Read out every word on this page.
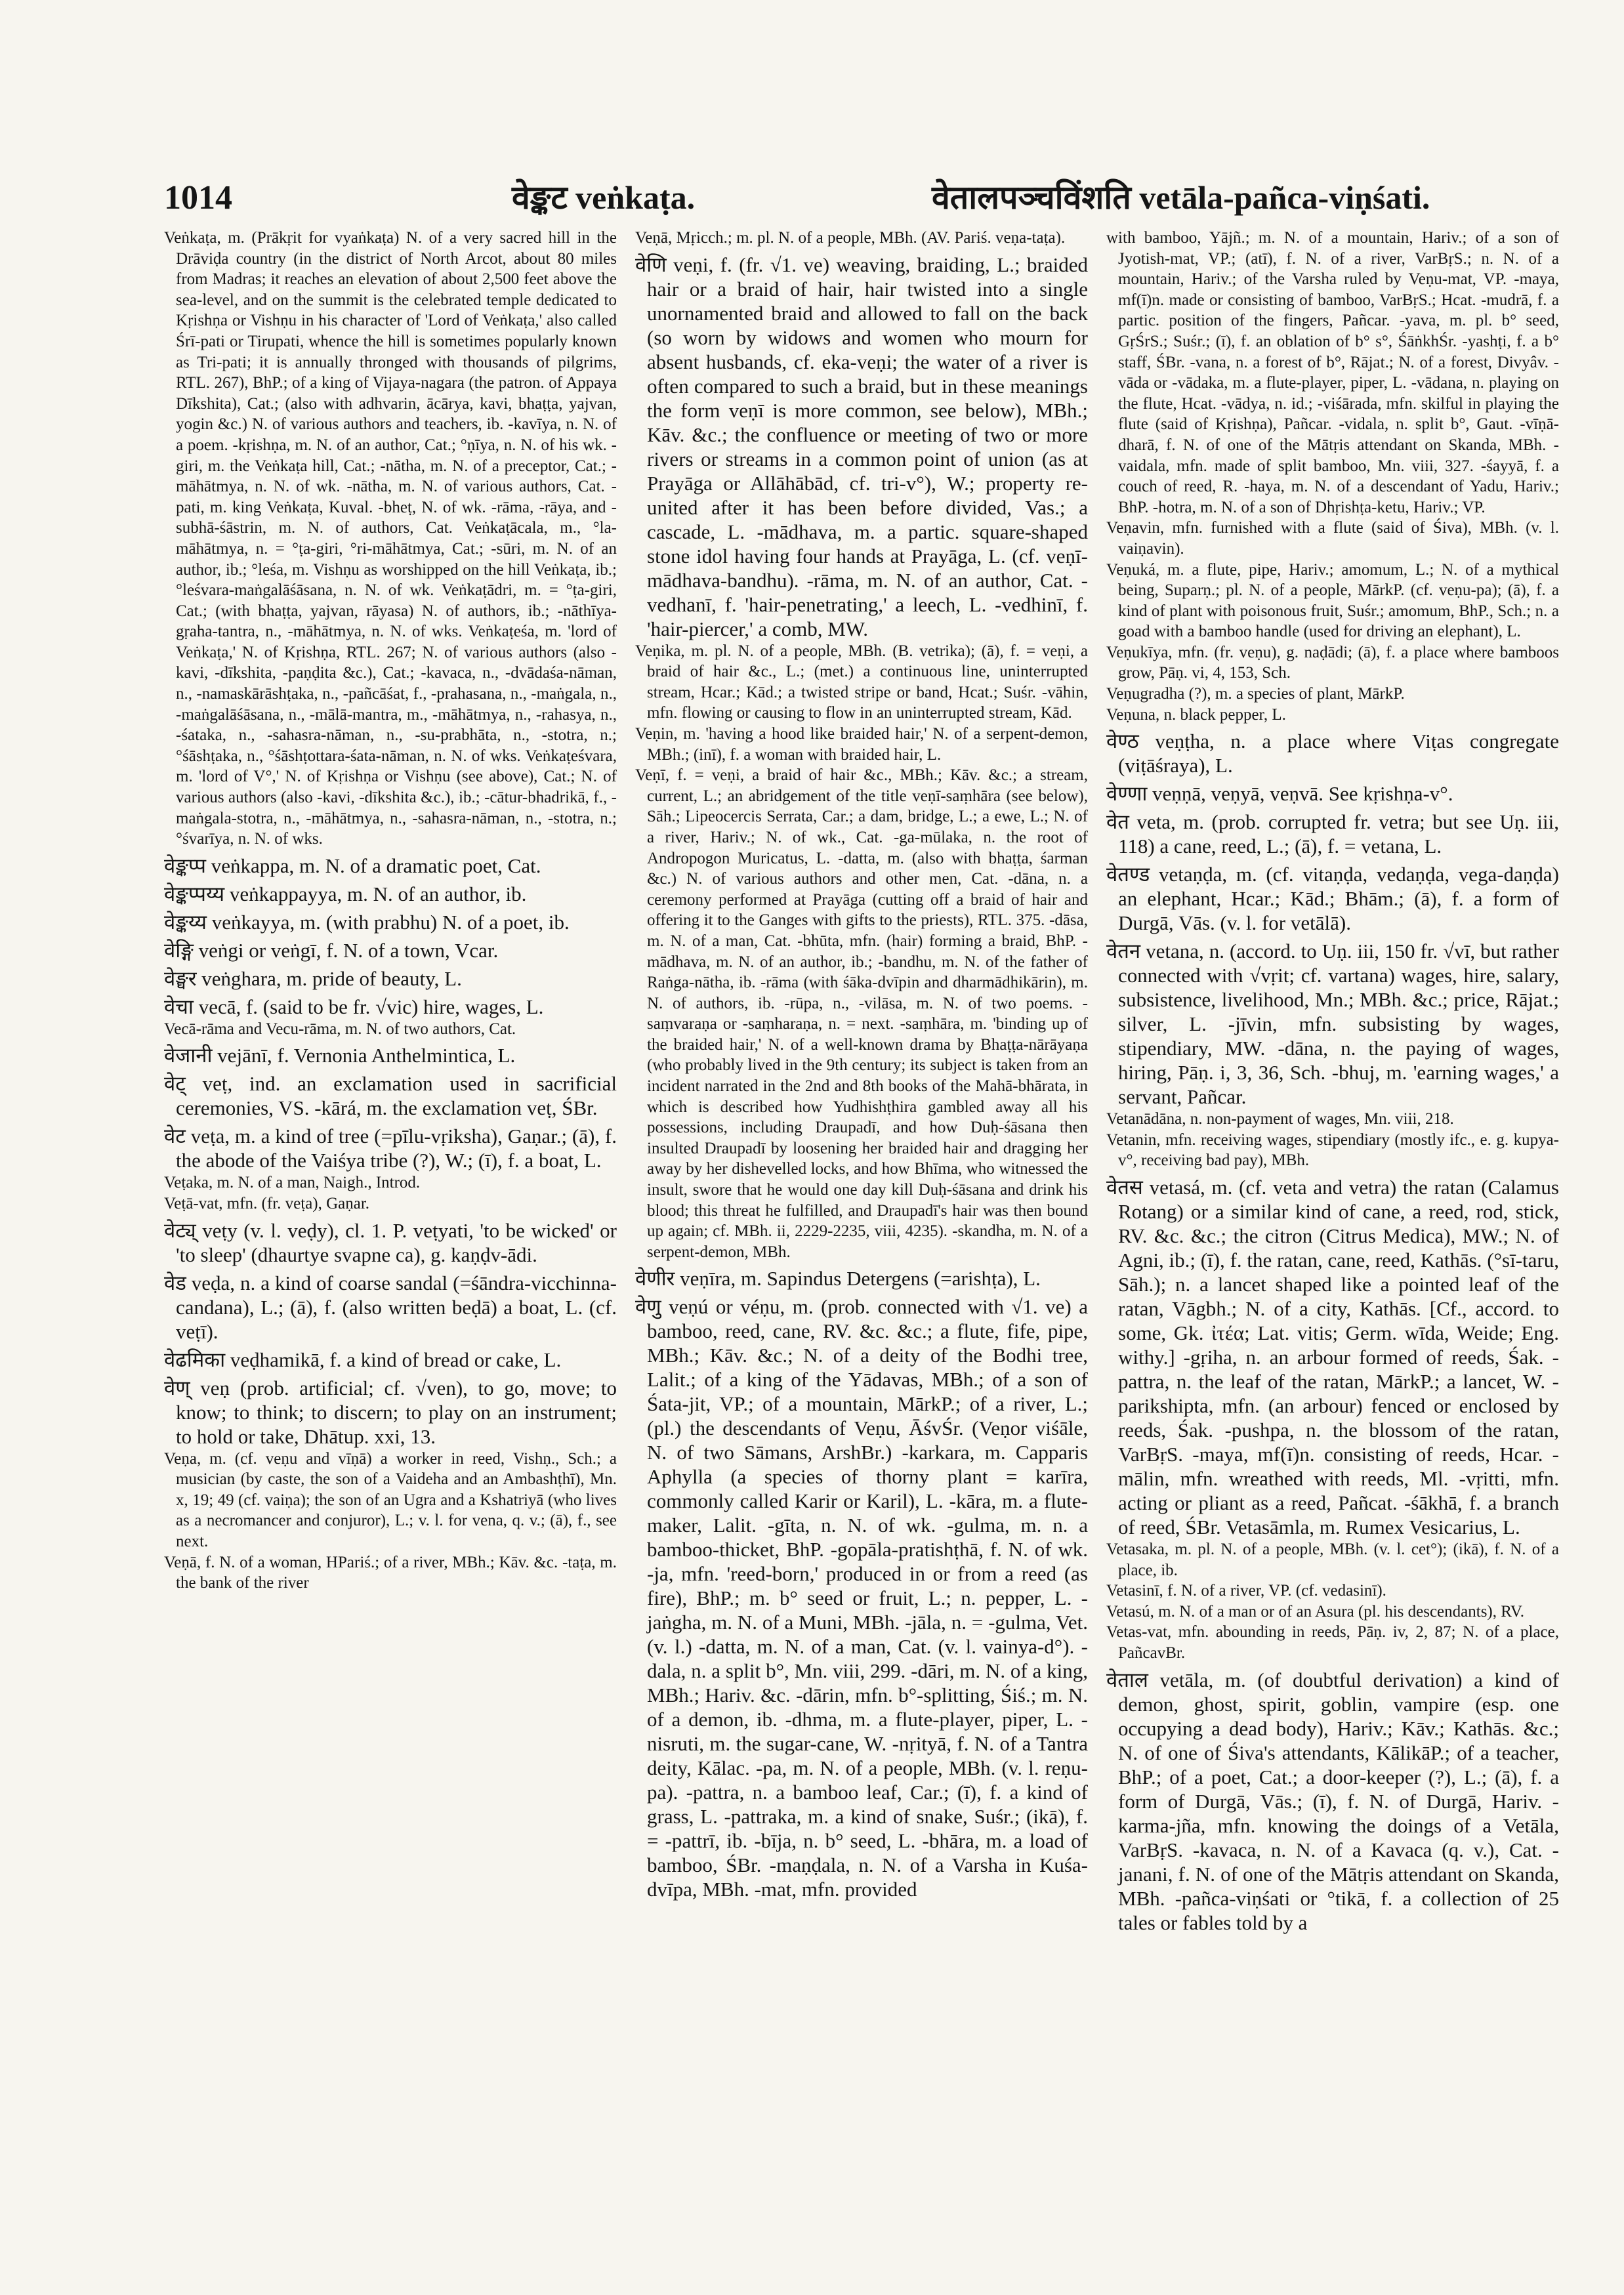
1014	वेङ्कट veṅkaṭa.	वेतालपञ्चविंशति vetāla-pañca-viṇśati.

Veṅkaṭa, m. (Prākṛit for vyaṅkaṭa) N. of a very sacred hill in the Drāviḍa country (in the district of North Arcot, about 80 miles from Madras; it reaches an elevation of about 2,500 feet above the sea-level, and on the summit is the celebrated temple dedicated to Kṛishṇa or Vishṇu in his character of 'Lord of Veṅkaṭa,' also called Śrī-pati or Tirupati, whence the hill is sometimes popularly known as Tri-pati; it is annually thronged with thousands of pilgrims, RTL. 267), BhP.; of a king of Vijaya-nagara (the patron. of Appaya Dīkshita), Cat.; (also with adhvarin, ācārya, kavi, bhaṭṭa, yajvan, yogin &c.) N. of various authors and teachers, ib. -kavīya, n. N. of a poem. -kṛishṇa, m. N. of an author, Cat.; °ṇīya, n. N. of his wk. -giri, m. the Veṅkaṭa hill, Cat.; -nātha, m. N. of a preceptor, Cat.; -māhātmya, n. N. of wk. -nātha, m. N. of various authors, Cat. -pati, m. king Veṅkaṭa, Kuval. -bheṭ, N. of wk. -rāma, -rāya, and -subhā-śāstrin, m. N. of authors, Cat. Veṅkaṭācala, m., °la-māhātmya, n. = °ṭa-giri, °ri-māhātmya, Cat.; -sūri, m. N. of an author, ib.; °leśa, m. Vishṇu as worshipped on the hill Veṅkaṭa, ib.; °leśvara-maṅgalāśāsana, n. N. of wk. Veṅkaṭādri, m. = °ṭa-giri, Cat.; (with bhaṭṭa, yajvan, rāyasa) N. of authors, ib.; -nāthīya-gṛaha-tantra, n., -māhātmya, n. N. of wks. Veṅkaṭeśa, m. 'lord of Veṅkaṭa,' N. of Kṛishṇa, RTL. 267; N. of various authors (also -kavi, -dīkshita, -paṇḍita &c.), Cat.; -kavaca, n., -dvādaśa-nāman, n., -namaskārāshṭaka, n., -pañcāśat, f., -prahasana, n., -maṅgala, n., -maṅgalāśāsana, n., -mālā-mantra, m., -māhātmya, n., -rahasya, n., -śataka, n., -sahasra-nāman, n., -su-prabhāta, n., -stotra, n.; °śāshṭaka, n., °śāshṭottara-śata-nāman, n. N. of wks. Veṅkaṭeśvara, m. 'lord of V°,' N. of Kṛishṇa or Vishṇu (see above), Cat.; N. of various authors (also -kavi, -dīkshita &c.), ib.; -cātur-bhadrikā, f., -maṅgala-stotra, n., -māhātmya, n., -sahasra-nāman, n., -stotra, n.; °śvarīya, n. N. of wks.

वेङ्कप्प veṅkappa, m. N. of a dramatic poet, Cat.

वेङ्कप्पय्य veṅkappayya, m. N. of an author, ib.

वेङ्कय्य veṅkayya, m. (with prabhu) N. of a poet, ib.

वेङ्गि veṅgi or veṅgī, f. N. of a town, Vcar.

वेङ्घर veṅghara, m. pride of beauty, L.

वेचा vecā, f. (said to be fr. √vic) hire, wages, L.

Vecā-rāma and Vecu-rāma, m. N. of two authors, Cat.

वेजानी vejānī, f. Vernonia Anthelmintica, L.

वेट् veṭ, ind. an exclamation used in sacrificial ceremonies, VS. -kārá, m. the exclamation veṭ, ŚBr.

वेट veṭa, m. a kind of tree (=pīlu-vṛiksha), Gaṇar.; (ā), f. the abode of the Vaiśya tribe (?), W.; (ī), f. a boat, L.

Veṭaka, m. N. of a man, Naigh., Introd.

Veṭā-vat, mfn. (fr. veṭa), Gaṇar.

वेट्य् veṭy (v. l. veḍy), cl. 1. P. veṭyati, 'to be wicked' or 'to sleep' (dhaurtye svapne ca), g. kaṇḍv-ādi.

वेड veḍa, n. a kind of coarse sandal (=śāndra-vicchinna-candana), L.; (ā), f. (also written beḍā) a boat, L. (cf. veṭī).

वेढमिका veḍhamikā, f. a kind of bread or cake, L.

वेण् veṇ (prob. artificial; cf. √ven), to go, move; to know; to think; to discern; to play on an instrument; to hold or take, Dhātup. xxi, 13.

Veṇa, m. (cf. veṇu and vīṇā) a worker in reed, Vishṇ., Sch.; a musician (by caste, the son of a Vaideha and an Ambashṭhī), Mn. x, 19; 49 (cf. vaiṇa); the son of an Ugra and a Kshatriyā (who lives as a necromancer and conjuror), L.; v. l. for vena, q. v.; (ā), f., see next.

Veṇā, f. N. of a woman, HPariś.; of a river, MBh.; Kāv. &c. -taṭa, m. the bank of the river

Veṇā, Mṛicch.; m. pl. N. of a people, MBh. (AV. Pariś. veṇa-taṭa).

वेणि veṇi, f. (fr. √1. ve) weaving, braiding, L.; braided hair or a braid of hair, hair twisted into a single unornamented braid and allowed to fall on the back (so worn by widows and women who mourn for absent husbands, cf. eka-veṇi; the water of a river is often compared to such a braid, but in these meanings the form veṇī is more common, see below), MBh.; Kāv. &c.; the confluence or meeting of two or more rivers or streams in a common point of union (as at Prayāga or Allāhābād, cf. tri-v°), W.; property re-united after it has been before divided, Vas.; a cascade, L. -mādhava, m. a partic. square-shaped stone idol having four hands at Prayāga, L. (cf. veṇī-mādhava-bandhu). -rāma, m. N. of an author, Cat. -vedhanī, f. 'hair-penetrating,' a leech, L. -vedhinī, f. 'hair-piercer,' a comb, MW.

Veṇika, m. pl. N. of a people, MBh. (B. vetrika); (ā), f. = veṇi, a braid of hair &c., L.; (met.) a continuous line, uninterrupted stream, Hcar.; Kād.; a twisted stripe or band, Hcat.; Suśr. -vāhin, mfn. flowing or causing to flow in an uninterrupted stream, Kād.

Veṇin, m. 'having a hood like braided hair,' N. of a serpent-demon, MBh.; (inī), f. a woman with braided hair, L.

Veṇī, f. = veṇi, a braid of hair &c., MBh.; Kāv. &c.; a stream, current, L.; an abridgement of the title veṇī-saṃhāra (see below), Sāh.; Lipeocercis Serrata, Car.; a dam, bridge, L.; a ewe, L.; N. of a river, Hariv.; N. of wk., Cat. -ga-mūlaka, n. the root of Andropogon Muricatus, L. -datta, m. (also with bhaṭṭa, śarman &c.) N. of various authors and other men, Cat. -dāna, n. a ceremony performed at Prayāga (cutting off a braid of hair and offering it to the Ganges with gifts to the priests), RTL. 375. -dāsa, m. N. of a man, Cat. -bhūta, mfn. (hair) forming a braid, BhP. -mādhava, m. N. of an author, ib.; -bandhu, m. N. of the father of Raṅga-nātha, ib. -rāma (with śāka-dvīpin and dharmādhikārin), m. N. of authors, ib. -rūpa, n., -vilāsa, m. N. of two poems. -saṃvaraṇa or -saṃharaṇa, n. = next. -saṃhāra, m. 'binding up of the braided hair,' N. of a well-known drama by Bhaṭṭa-nārāyaṇa (who probably lived in the 9th century; its subject is taken from an incident narrated in the 2nd and 8th books of the Mahā-bhārata, in which is described how Yudhishṭhira gambled away all his possessions, including Draupadī, and how Duḥ-śāsana then insulted Draupadī by loosening her braided hair and dragging her away by her dishevelled locks, and how Bhīma, who witnessed the insult, swore that he would one day kill Duḥ-śāsana and drink his blood; this threat he fulfilled, and Draupadī's hair was then bound up again; cf. MBh. ii, 2229-2235, viii, 4235). -skandha, m. N. of a serpent-demon, MBh.

वेणीर veṇīra, m. Sapindus Detergens (=arishṭa), L.

वेणु veṇú or véṇu, m. (prob. connected with √1. ve) a bamboo, reed, cane, RV. &c. &c.; a flute, fife, pipe, MBh.; Kāv. &c.; N. of a deity of the Bodhi tree, Lalit.; of a king of the Yādavas, MBh.; of a son of Śata-jit, VP.; of a mountain, MārkP.; of a river, L.; (pl.) the descendants of Veṇu, ĀśvŚr. (Veṇor viśāle, N. of two Sāmans, ArshBr.) -karkara, m. Capparis Aphylla (a species of thorny plant = karīra, commonly called Karir or Karil), L. -kāra, m. a flute-maker, Lalit. -gīta, n. N. of wk. -gulma, m. n. a bamboo-thicket, BhP. -gopāla-pratishṭhā, f. N. of wk. -ja, mfn. 'reed-born,' produced in or from a reed (as fire), BhP.; m. b° seed or fruit, L.; n. pepper, L. -jaṅgha, m. N. of a Muni, MBh. -jāla, n. = -gulma, Vet. (v. l.) -datta, m. N. of a man, Cat. (v. l. vainya-d°). -dala, n. a split b°, Mn. viii, 299. -dāri, m. N. of a king, MBh.; Hariv. &c. -dārin, mfn. b°-splitting, Śiś.; m. N. of a demon, ib. -dhma, m. a flute-player, piper, L. -nisruti, m. the sugar-cane, W. -nṛityā, f. N. of a Tantra deity, Kālac. -pa, m. N. of a people, MBh. (v. l. reṇu-pa). -pattra, n. a bamboo leaf, Car.; (ī), f. a kind of grass, L. -pattraka, m. a kind of snake, Suśr.; (ikā), f. = -pattrī, ib. -bīja, n. b° seed, L. -bhāra, m. a load of bamboo, ŚBr. -maṇḍala, n. N. of a Varsha in Kuśa-dvīpa, MBh. -mat, mfn. provided

with bamboo, Yājñ.; m. N. of a mountain, Hariv.; of a son of Jyotish-mat, VP.; (atī), f. N. of a river, VarBṛS.; n. N. of a mountain, Hariv.; of the Varsha ruled by Veṇu-mat, VP. -maya, mf(ī)n. made or consisting of bamboo, VarBṛS.; Hcat. -mudrā, f. a partic. position of the fingers, Pañcar. -yava, m. pl. b° seed, GṛŚrS.; Suśr.; (ī), f. an oblation of b° s°, ŚāṅkhŚr. -yashṭi, f. a b° staff, ŚBr. -vana, n. a forest of b°, Rājat.; N. of a forest, Divyâv. -vāda or -vādaka, m. a flute-player, piper, L. -vādana, n. playing on the flute, Hcat. -vādya, n. id.; -viśārada, mfn. skilful in playing the flute (said of Kṛishṇa), Pañcar. -vidala, n. split b°, Gaut. -vīṇā-dharā, f. N. of one of the Mātṛis attendant on Skanda, MBh. -vaidala, mfn. made of split bamboo, Mn. viii, 327. -śayyā, f. a couch of reed, R. -haya, m. N. of a descendant of Yadu, Hariv.; BhP. -hotra, m. N. of a son of Dhṛishṭa-ketu, Hariv.; VP.

Veṇavin, mfn. furnished with a flute (said of Śiva), MBh. (v. l. vaiṇavin).

Veṇuká, m. a flute, pipe, Hariv.; amomum, L.; N. of a mythical being, Suparṇ.; pl. N. of a people, MārkP. (cf. veṇu-pa); (ā), f. a kind of plant with poisonous fruit, Suśr.; amomum, BhP., Sch.; n. a goad with a bamboo handle (used for driving an elephant), L.

Veṇukīya, mfn. (fr. veṇu), g. naḍādi; (ā), f. a place where bamboos grow, Pāṇ. vi, 4, 153, Sch.

Veṇugradha (?), m. a species of plant, MārkP.

Veṇuna, n. black pepper, L.

वेण्ठ veṇṭha, n. a place where Viṭas congregate (viṭāśraya), L.

वेण्णा veṇṇā, veṇyā, veṇvā. See kṛishṇa-v°.

वेत veta, m. (prob. corrupted fr. vetra; but see Uṇ. iii, 118) a cane, reed, L.; (ā), f. = vetana, L.

वेतण्ड vetaṇḍa, m. (cf. vitaṇḍa, vedaṇḍa, vega-daṇḍa) an elephant, Hcar.; Kād.; Bhām.; (ā), f. a form of Durgā, Vās. (v. l. for vetālā).

वेतन vetana, n. (accord. to Uṇ. iii, 150 fr. √vī, but rather connected with √vṛit; cf. vartana) wages, hire, salary, subsistence, livelihood, Mn.; MBh. &c.; price, Rājat.; silver, L. -jīvin, mfn. subsisting by wages, stipendiary, MW. -dāna, n. the paying of wages, hiring, Pāṇ. i, 3, 36, Sch. -bhuj, m. 'earning wages,' a servant, Pañcar.

Vetanādāna, n. non-payment of wages, Mn. viii, 218.

Vetanin, mfn. receiving wages, stipendiary (mostly ifc., e. g. kupya-v°, receiving bad pay), MBh.

वेतस vetasá, m. (cf. veta and vetra) the ratan (Calamus Rotang) or a similar kind of cane, a reed, rod, stick, RV. &c. &c.; the citron (Citrus Medica), MW.; N. of Agni, ib.; (ī), f. the ratan, cane, reed, Kathās. (°sī-taru, Sāh.); n. a lancet shaped like a pointed leaf of the ratan, Vāgbh.; N. of a city, Kathās. [Cf., accord. to some, Gk. ἰτέα; Lat. vitis; Germ. wīda, Weide; Eng. withy.] -gṛiha, n. an arbour formed of reeds, Śak. -pattra, n. the leaf of the ratan, MārkP.; a lancet, W. -parikshipta, mfn. (an arbour) fenced or enclosed by reeds, Śak. -pushpa, n. the blossom of the ratan, VarBṛS. -maya, mf(ī)n. consisting of reeds, Hcar. -mālin, mfn. wreathed with reeds, Ml. -vṛitti, mfn. acting or pliant as a reed, Pañcat. -śākhā, f. a branch of reed, ŚBr. Vetasāmla, m. Rumex Vesicarius, L.

Vetasaka, m. pl. N. of a people, MBh. (v. l. cet°); (ikā), f. N. of a place, ib.

Vetasinī, f. N. of a river, VP. (cf. vedasinī).

Vetasú, m. N. of a man or of an Asura (pl. his descendants), RV.

Vetas-vat, mfn. abounding in reeds, Pāṇ. iv, 2, 87; N. of a place, PañcavBr.

वेताल vetāla, m. (of doubtful derivation) a kind of demon, ghost, spirit, goblin, vampire (esp. one occupying a dead body), Hariv.; Kāv.; Kathās. &c.; N. of one of Śiva's attendants, KālikāP.; of a teacher, BhP.; of a poet, Cat.; a door-keeper (?), L.; (ā), f. a form of Durgā, Vās.; (ī), f. N. of Durgā, Hariv. -karma-jña, mfn. knowing the doings of a Vetāla, VarBṛS. -kavaca, n. N. of a Kavaca (q. v.), Cat. -janani, f. N. of one of the Mātṛis attendant on Skanda, MBh. -pañca-viṇśati or °tikā, f. a collection of 25 tales or fables told by a
